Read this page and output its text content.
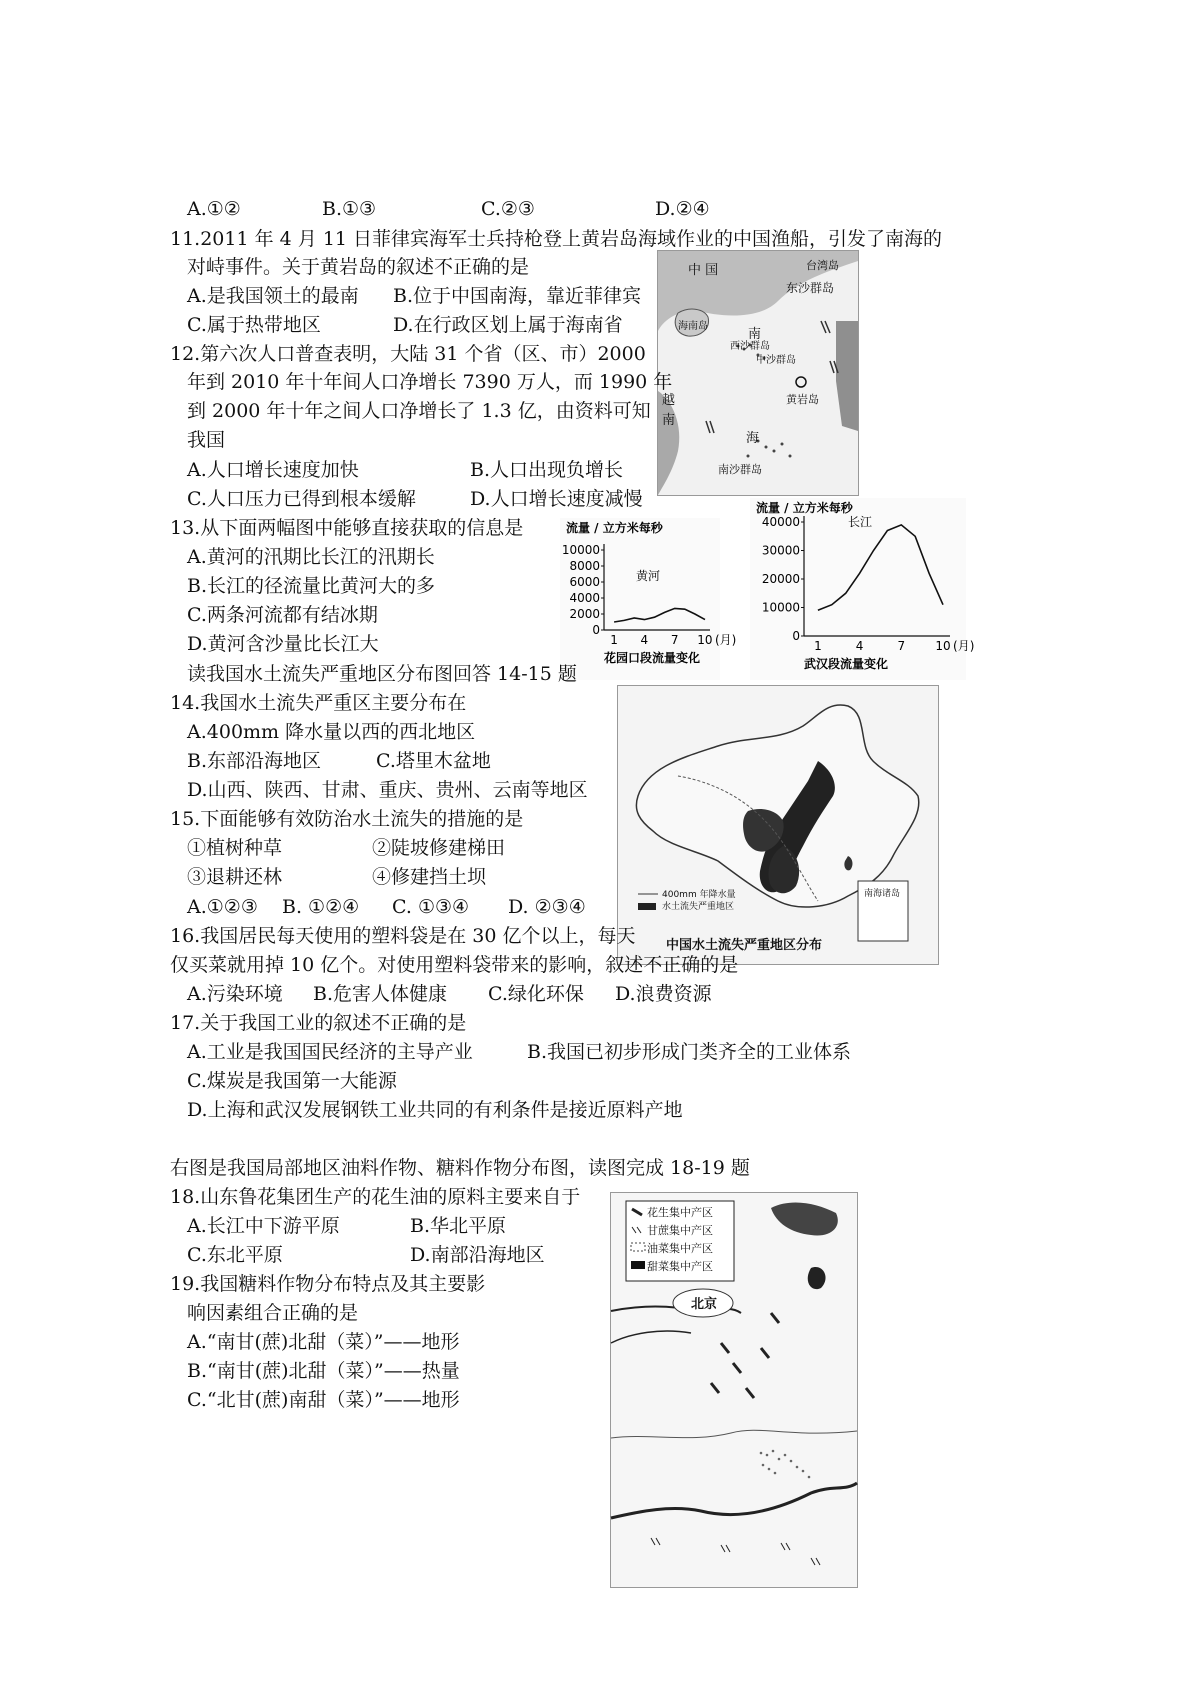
A.①②	B.①③	C.②③	D.②④
11.2011 年 4 月 11 日菲律宾海军士兵持枪登上黄岩岛海域作业的中国渔船，引发了南海的
对峙事件。关于黄岩岛的叙述不正确的是
A.是我国领土的最南 B.位于中国南海，靠近菲律宾
C.属于热带地区	D.在行政区划上属于海南省
中 国	台湾岛
东沙群岛
海南岛
南
西沙群岛
中沙群岛
黄岩岛
越
南
海
南沙群岛
12.第六次人口普查表明，大陆 31 个省（区、市）2000
年到 2010 年十年间人口净增长 7390 万人，而 1990 年
到 2000 年十年之间人口净增长了 1.3 亿，由资料可知
我国
A.人口增长速度加快	B.人口出现负增长
C.人口压力已得到根本缓解	D.人口增长速度减慢
13.从下面两幅图中能够直接获取的信息是
A.黄河的汛期比长江的汛期长
B.长江的径流量比黄河大的多
C.两条河流都有结冰期
D.黄河含沙量比长江大
流量 / 立方米每秒
0
2000
4000
6000
8000
10000
1 4 7 10 (月)
花园口段流量变化
黄河
流量 / 立方米每秒
0
10000
20000
30000
40000
1	4	7	10 (月)
武汉段流量变化
长江
读我国水土流失严重地区分布图回答 14-15 题
14.我国水土流失严重区主要分布在
A.400mm 降水量以西的西北地区
B.东部沿海地区	C.塔里木盆地
D.山西、陕西、甘肃、重庆、贵州、云南等地区
400mm 年降水量
水土流失严重地区
南海诸岛
中国水土流失严重地区分布
15.下面能够有效防治水土流失的措施的是
①植树种草	②陡坡修建梯田
③退耕还林	④修建挡土坝
A.①②③ B. ①②④ C. ①③④ D. ②③④
16.我国居民每天使用的塑料袋是在 30 亿个以上，每天
仅买菜就用掉 10 亿个。对使用塑料袋带来的影响，叙述不正确的是
A.污染环境 B.危害人体健康 C.绿化环保 D.浪费资源
17.关于我国工业的叙述不正确的是
A.工业是我国国民经济的主导产业	B.我国已初步形成门类齐全的工业体系
C.煤炭是我国第一大能源
D.上海和武汉发展钢铁工业共同的有利条件是接近原料产地
右图是我国局部地区油料作物、糖料作物分布图，读图完成 18-19 题
18.山东鲁花集团生产的花生油的原料主要来自于
A.长江中下游平原	B.华北平原
C.东北平原	D.南部沿海地区
19.我国糖料作物分布特点及其主要影
响因素组合正确的是
A.“南甘(蔗)北甜（菜）”——地形
B.“南甘(蔗)北甜（菜）”——热量
C.“北甘(蔗)南甜（菜）”——地形
花生集中产区
甘蔗集中产区
油菜集中产区
甜菜集中产区
北京
